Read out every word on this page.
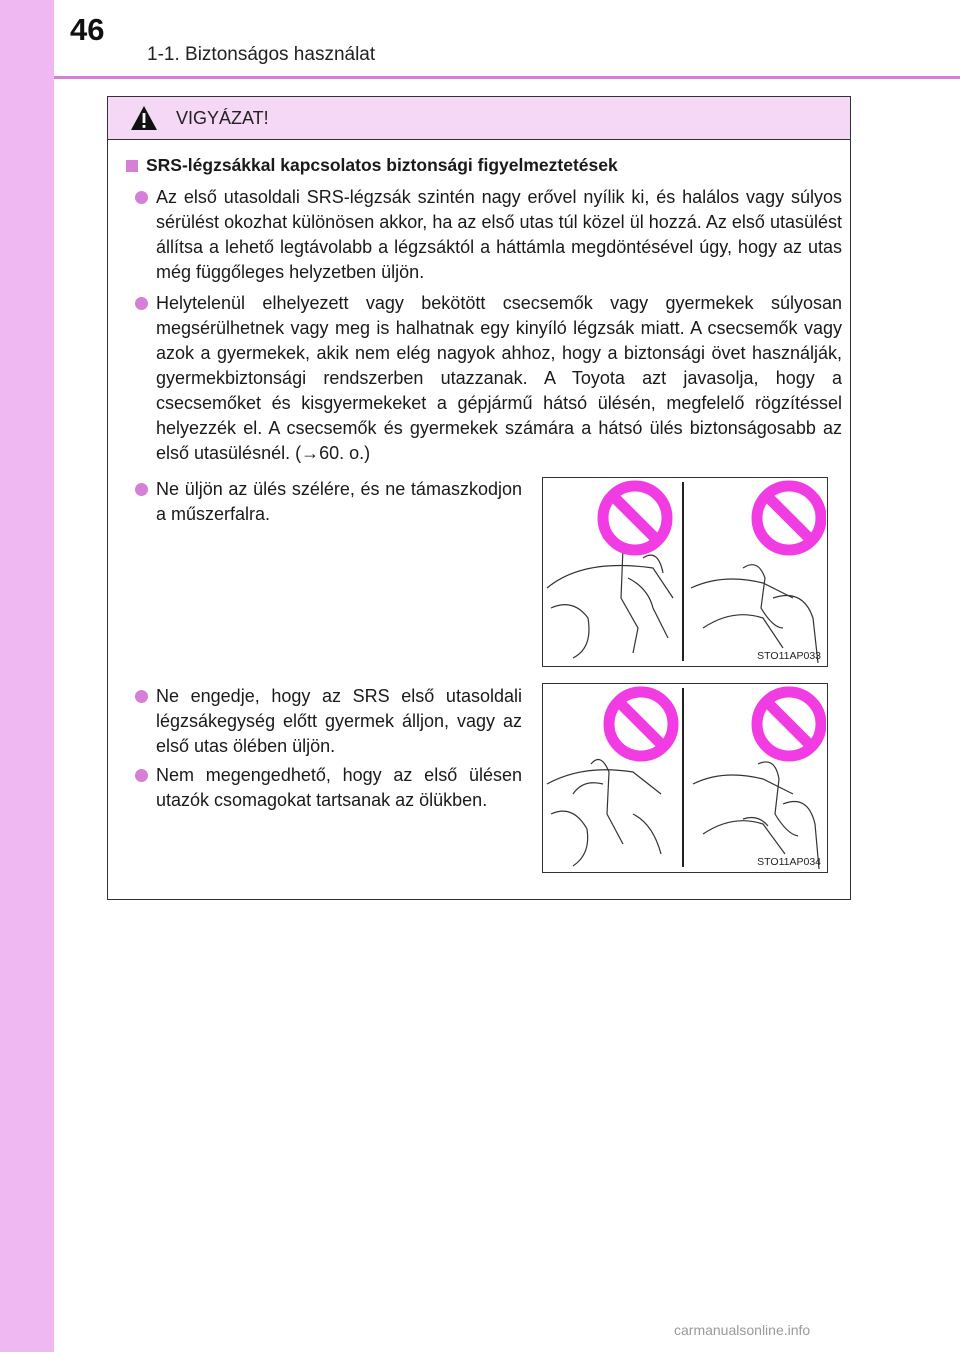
46
1-1. Biztonságos használat
VIGYÁZAT!
SRS-légzsákkal kapcsolatos biztonsági figyelmeztetések
Az első utasoldali SRS-légzsák szintén nagy erővel nyílik ki, és halálos vagy súlyos sérülést okozhat különösen akkor, ha az első utas túl közel ül hozzá. Az első utasülést állítsa a lehető legtávolabb a légzsáktól a háttámla megdöntésével úgy, hogy az utas még függőleges helyzetben üljön.
Helytelenül elhelyezett vagy bekötött csecsemők vagy gyermekek súlyosan megsérülhetnek vagy meg is halhatnak egy kinyíló légzsák miatt. A csecsemők vagy azok a gyermekek, akik nem elég nagyok ahhoz, hogy a biztonsági övet használják, gyermekbiztonsági rendszerben utazzanak. A Toyota azt javasolja, hogy a csecsemőket és kisgyermekeket a gépjármű hátsó ülésén, megfelelő rögzítéssel helyezzék el. A csecsemők és gyermekek számára a hátsó ülés biztonságosabb az első utasülésnél. (→60. o.)
Ne üljön az ülés szélére, és ne támaszkodjon a műszerfalra.
Ne engedje, hogy az SRS első utasoldali légzsákegység előtt gyermek álljon, vagy az első utas ölében üljön.
Nem megengedhető, hogy az első ülésen utazók csomagokat tartsanak az ölükben.
STO11AP033
STO11AP034
carmanualsonline.info
